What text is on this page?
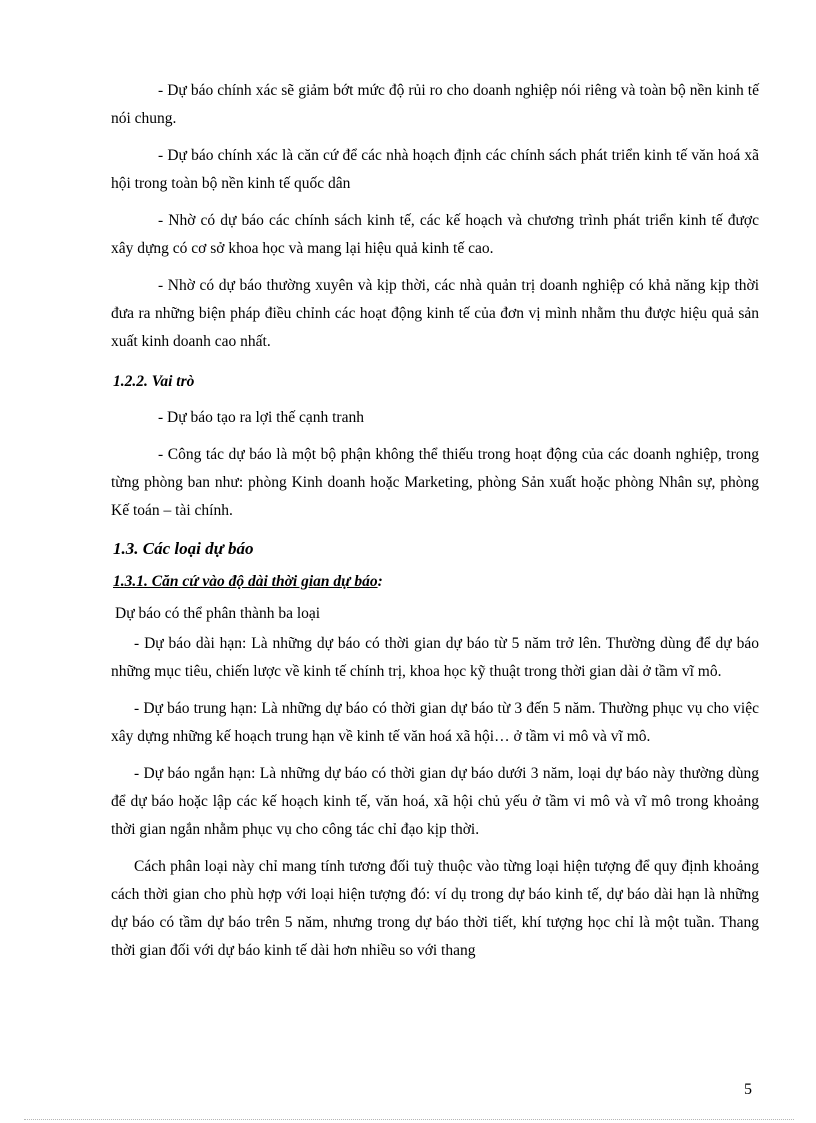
- Dự báo chính xác sẽ giảm bớt mức độ rủi ro cho doanh nghiệp nói riêng và toàn bộ nền kinh tế nói chung.

- Dự báo chính xác là căn cứ để các nhà hoạch định các chính sách phát triển kinh tế văn hoá xã hội trong toàn bộ nền kinh tế quốc dân

- Nhờ có dự báo các chính sách kinh tế, các kế hoạch và chương trình phát triển kinh tế được xây dựng có cơ sở khoa học và mang lại hiệu quả kinh tế cao.

- Nhờ có dự báo thường xuyên và kịp thời, các nhà quản trị doanh nghiệp có khả năng kịp thời đưa ra những biện pháp điều chỉnh các hoạt động kinh tế của đơn vị mình nhằm thu được hiệu quả sản xuất kinh doanh cao nhất.

1.2.2. Vai trò

- Dự báo tạo ra lợi thế cạnh tranh

- Công tác dự báo là một bộ phận không thể thiếu trong hoạt động của các doanh nghiệp, trong từng phòng ban như: phòng Kinh doanh hoặc Marketing, phòng Sản xuất hoặc phòng Nhân sự, phòng Kế toán – tài chính.

1.3. Các loại dự báo
1.3.1. Căn cứ vào độ dài thời gian dự báo:

Dự báo có thể phân thành ba loại

- Dự báo dài hạn: Là những dự báo có thời gian dự báo từ 5 năm trở lên. Thường dùng để dự báo những mục tiêu, chiến lược về kinh tế chính trị, khoa học kỹ thuật trong thời gian dài ở tầm vĩ mô.

- Dự báo trung hạn: Là những dự báo có thời gian dự báo từ 3 đến 5 năm. Thường phục vụ cho việc xây dựng những kế hoạch trung hạn về kinh tế văn hoá xã hội… ở tầm vi mô và vĩ mô.

- Dự báo ngắn hạn: Là những dự báo có thời gian dự báo dưới 3 năm, loại dự báo này thường dùng để dự báo hoặc lập các kế hoạch kinh tế, văn hoá, xã hội chủ yếu ở tầm vi mô và vĩ mô trong khoảng thời gian ngắn nhằm phục vụ cho công tác chỉ đạo kịp thời.

Cách phân loại này chỉ mang tính tương đối tuỳ thuộc vào từng loại hiện tượng để quy định khoảng cách thời gian cho phù hợp với loại hiện tượng đó: ví dụ trong dự báo kinh tế, dự báo dài hạn là những dự báo có tầm dự báo trên 5 năm, nhưng trong dự báo thời tiết, khí tượng học chỉ là một tuần. Thang thời gian đối với dự báo kinh tế dài hơn nhiều so với thang

5
